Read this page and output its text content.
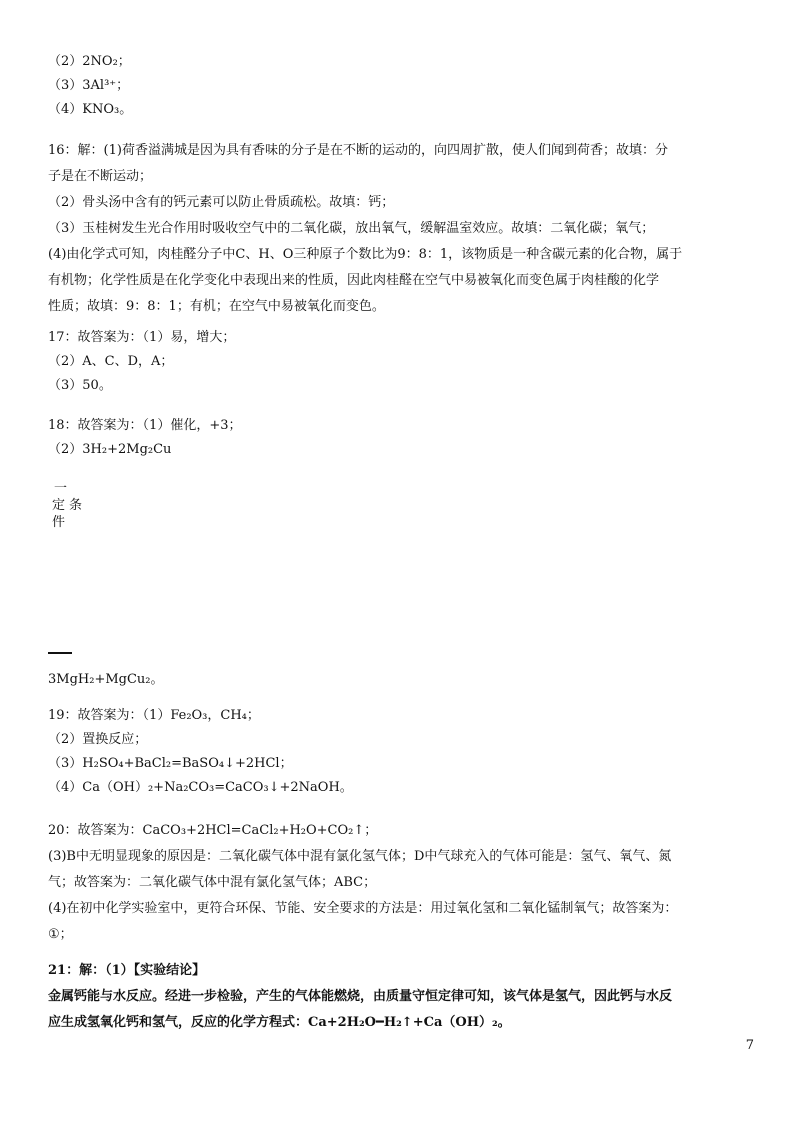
（2）2NO₂；
（3）3Al³⁺；
（4）KNO₃。
16：解：(1)荷香溢满城是因为具有香味的分子是在不断的运动的，向四周扩散，使人们闻到荷香；故填：分
子是在不断运动；
（2）骨头汤中含有的钙元素可以防止骨质疏松。故填：钙；
（3）玉桂树发生光合作用时吸收空气中的二氧化碳，放出氧气，缓解温室效应。故填：二氧化碳；氧气；
(4)由化学式可知，肉桂醛分子中C、H、O三种原子个数比为9：8：1，该物质是一种含碳元素的化合物，属于
有机物；化学性质是在化学变化中表现出来的性质，因此肉桂醛在空气中易被氧化而变色属于肉桂酸的化学
性质；故填：9：8：1；有机；在空气中易被氧化而变色。
17：故答案为：（1）易，增大；
（2）A、C、D，A；
（3）50。
18：故答案为：（1）催化，+3；
（2）3H₂+2Mg₂Cu
一
定 条
件
3MgH₂+MgCu₂。
19：故答案为：（1）Fe₂O₃，CH₄；
（2）置换反应；
（3）H₂SO₄+BaCl₂=BaSO₄↓+2HCl；
（4）Ca（OH）₂+Na₂CO₃=CaCO₃↓+2NaOH。
20：故答案为：CaCO₃+2HCl=CaCl₂+H₂O+CO₂↑；
(3)B中无明显现象的原因是：二氧化碳气体中混有氯化氢气体；D中气球充入的气体可能是：氢气、氧气、氮
气；故答案为：二氧化碳气体中混有氯化氢气体；ABC；
(4)在初中化学实验室中，更符合环保、节能、安全要求的方法是：用过氧化氢和二氧化锰制氧气；故答案为：
①；
21：解：（1）【实验结论】
金属钙能与水反应。经进一步检验，产生的气体能燃烧，由质量守恒定律可知，该气体是氢气，因此钙与水反
应生成氢氧化钙和氢气，反应的化学方程式：Ca+2H₂O━H₂↑+Ca（OH）₂。
7
